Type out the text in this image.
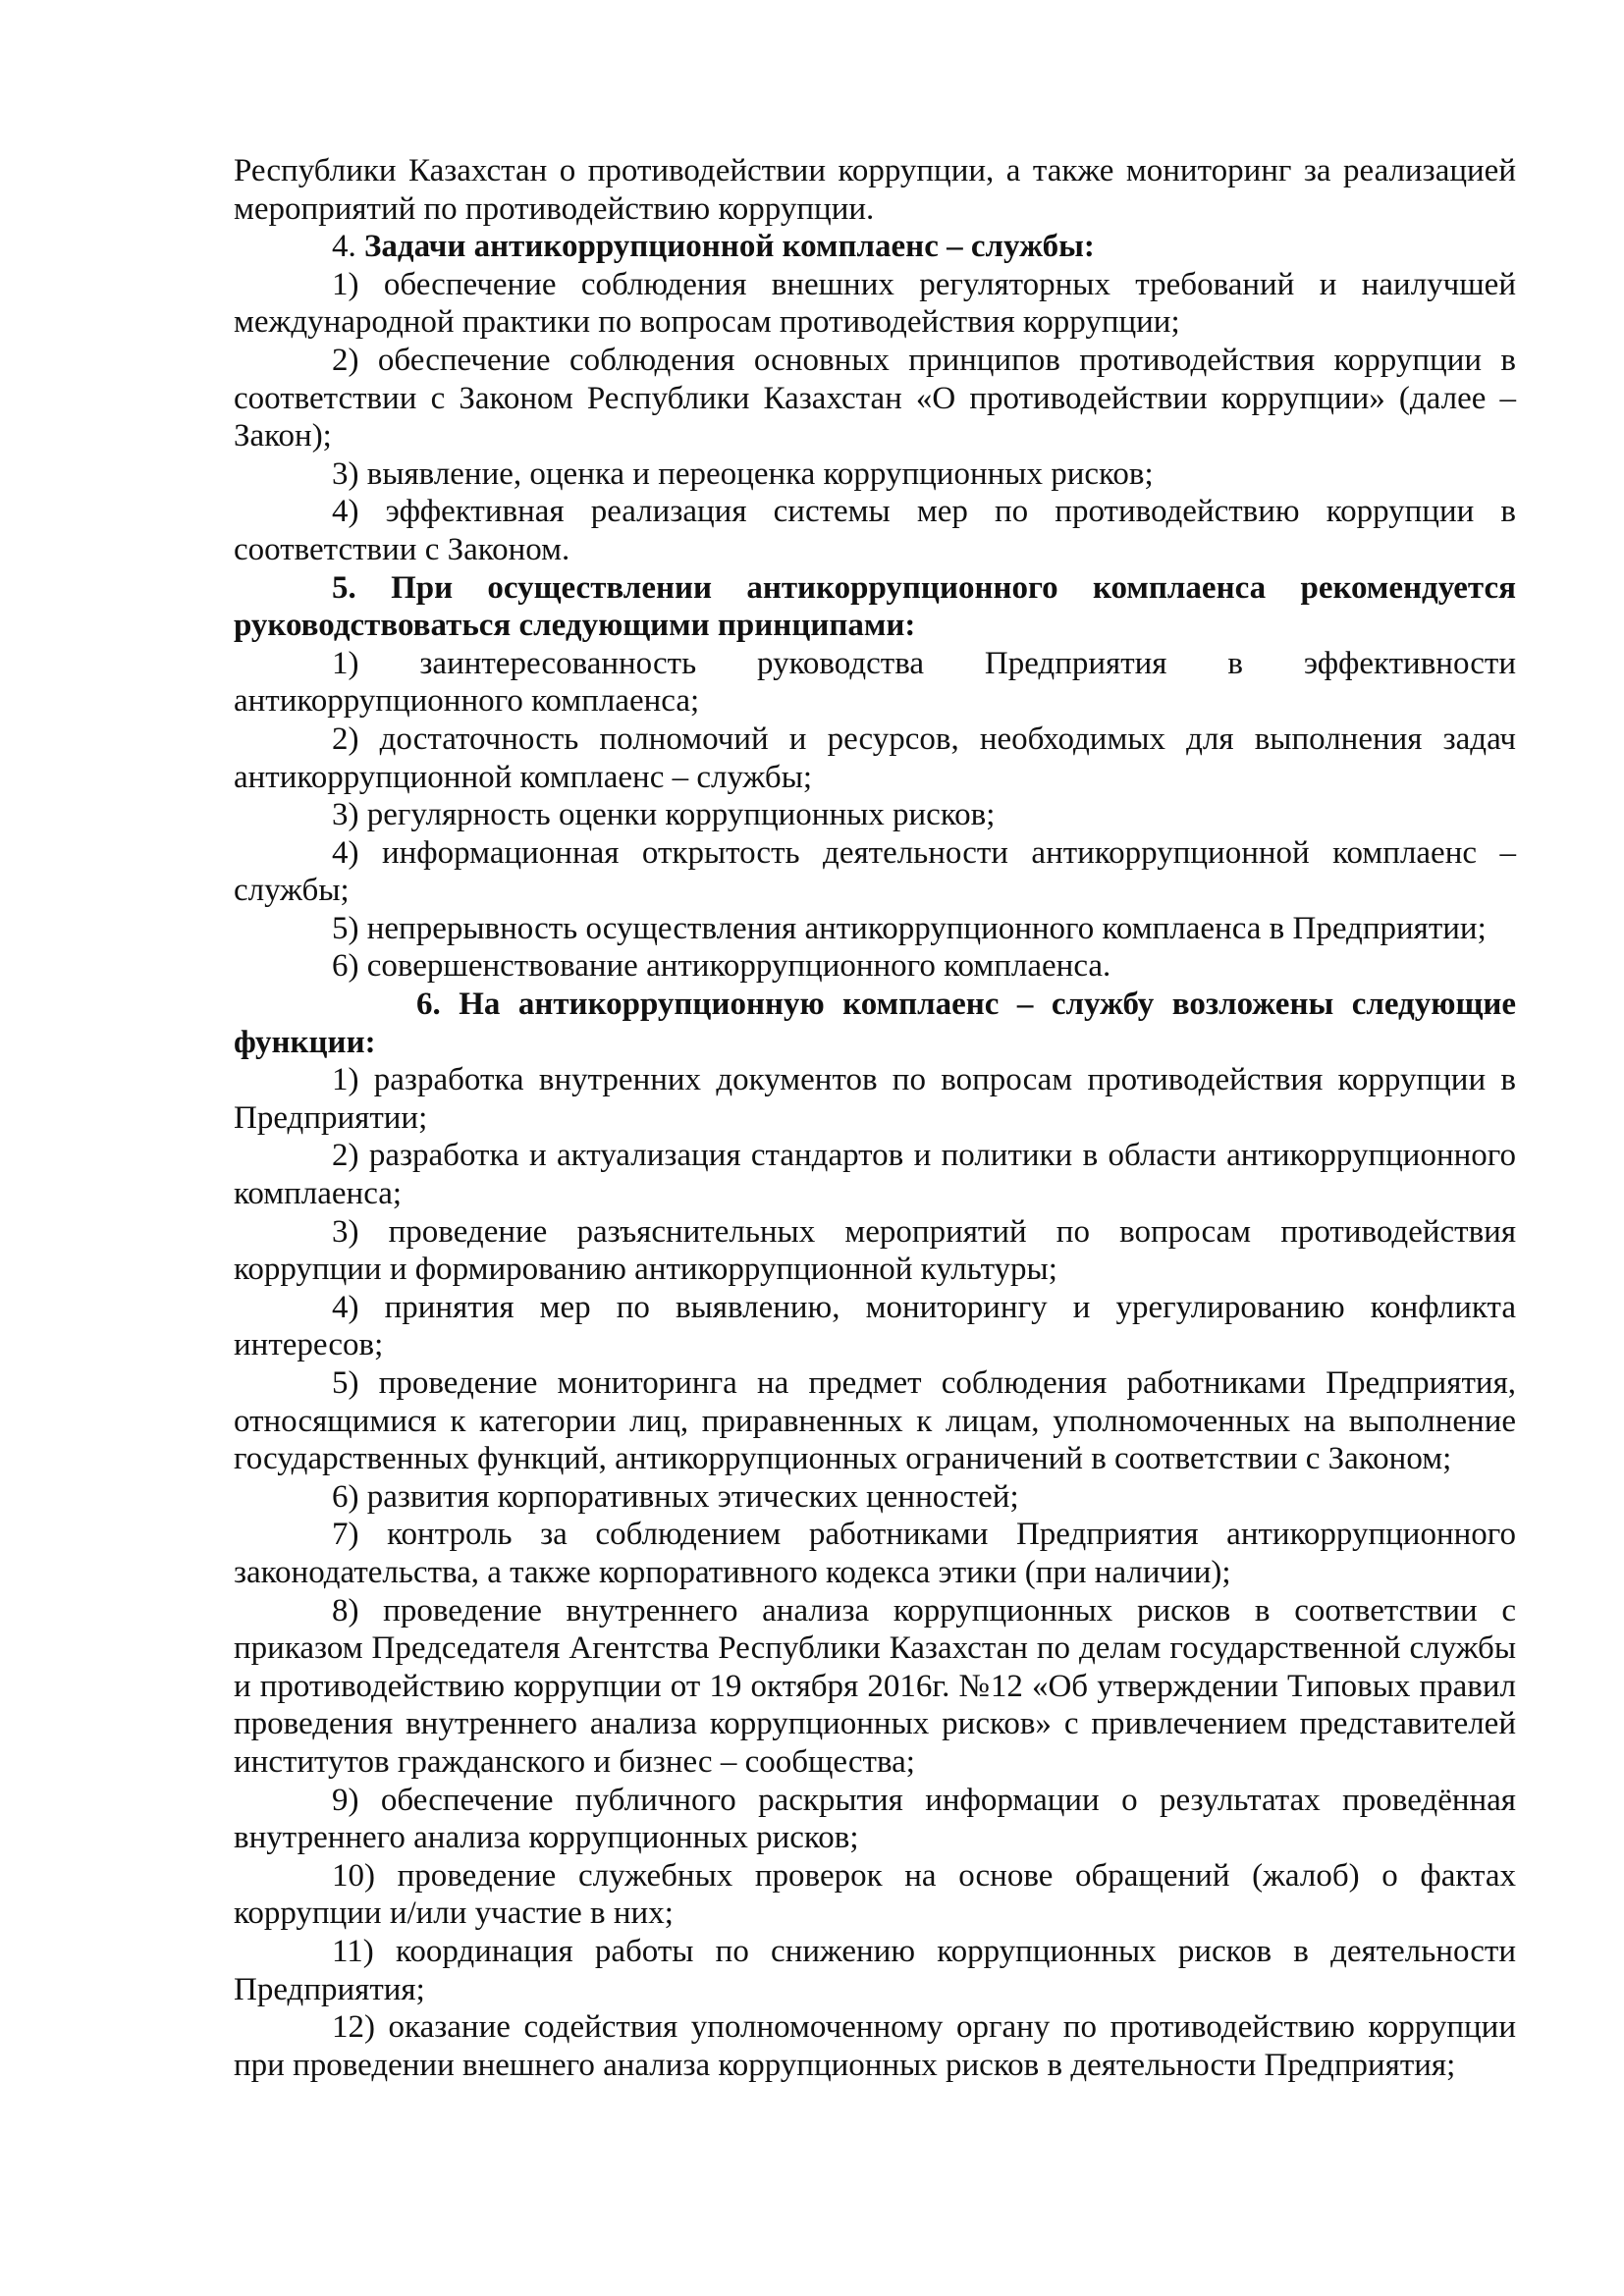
Республики Казахстан о противодействии коррупции, а также мониторинг за реализацией мероприятий по противодействию коррупции.

4. Задачи антикоррупционной комплаенс – службы:

1) обеспечение соблюдения внешних регуляторных требований и наилучшей международной практики по вопросам противодействия коррупции;

2) обеспечение соблюдения основных принципов противодействия коррупции в соответствии с Законом Республики Казахстан «О противодействии коррупции» (далее – Закон);

3) выявление, оценка и переоценка коррупционных рисков;

4) эффективная реализация системы мер по противодействию коррупции в соответствии с Законом.

5. При осуществлении антикоррупционного комплаенса рекомендуется руководствоваться следующими принципами:

1) заинтересованность руководства Предприятия в эффективности антикоррупционного комплаенса;

2) достаточность полномочий и ресурсов, необходимых для выполнения задач антикоррупционной комплаенс – службы;

3) регулярность оценки коррупционных рисков;

4) информационная открытость деятельности антикоррупционной комплаенс – службы;

5) непрерывность осуществления антикоррупционного комплаенса в Предприятии;

6) совершенствование антикоррупционного комплаенса.

6. На антикоррупционную комплаенс – службу возложены следующие функции:

1) разработка внутренних документов по вопросам противодействия коррупции в Предприятии;

2) разработка и актуализация стандартов и политики в области антикоррупционного комплаенса;

3) проведение разъяснительных мероприятий по вопросам противодействия коррупции и формированию антикоррупционной культуры;

4) принятия мер по выявлению, мониторингу и урегулированию конфликта интересов;

5) проведение мониторинга на предмет соблюдения работниками Предприятия, относящимися к категории лиц, приравненных к лицам, уполномоченных на выполнение государственных функций, антикоррупционных ограничений в соответствии с Законом;

6) развития корпоративных этических ценностей;

7) контроль за соблюдением работниками Предприятия антикоррупционного законодательства, а также корпоративного кодекса этики (при наличии);

8) проведение внутреннего анализа коррупционных рисков в соответствии с приказом Председателя Агентства Республики Казахстан по делам государственной службы и противодействию коррупции от 19 октября 2016г. №12 «Об утверждении Типовых правил проведения внутреннего анализа коррупционных рисков» с привлечением представителей институтов гражданского и бизнес – сообщества;

9) обеспечение публичного раскрытия информации о результатах проведённая внутреннего анализа коррупционных рисков;

10) проведение служебных проверок на основе обращений (жалоб) о фактах коррупции и/или участие в них;

11) координация работы по снижению коррупционных рисков в деятельности Предприятия;

12) оказание содействия уполномоченному органу по противодействию коррупции при проведении внешнего анализа коррупционных рисков в деятельности Предприятия;
